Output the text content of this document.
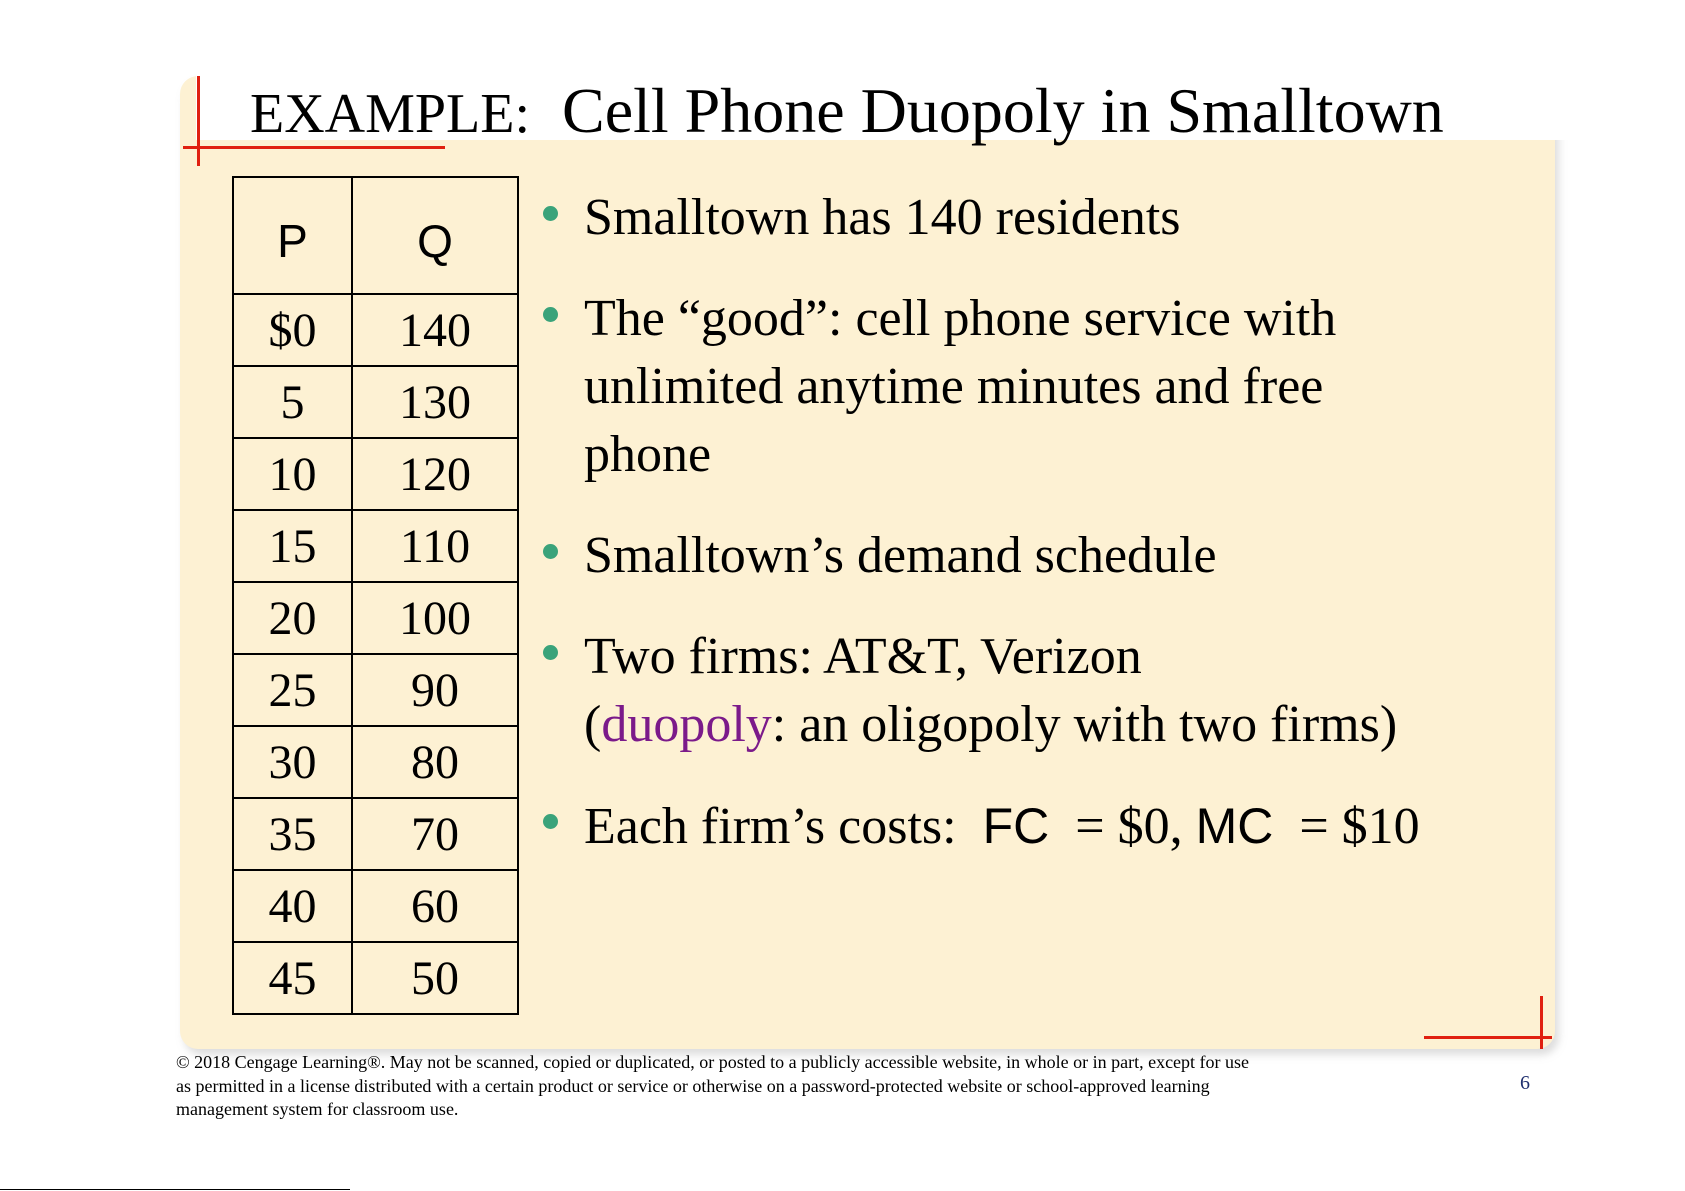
EXAMPLE: Cell Phone Duopoly in Smalltown
P	Q
$0	140
5	130
10	120
15	110
20	100
25	90
30	80
35	70
40	60
45	50
Smalltown has 140 residents
The “good”: cell phone service with
unlimited anytime minutes and free
phone
Smalltown’s demand schedule
Two firms: AT&T, Verizon
(duopoly: an oligopoly with two firms)
Each firm’s costs:  FC  = $0, MC  = $10

© 2018 Cengage Learning®. May not be scanned, copied or duplicated, or posted to a publicly accessible website, in whole or in part, except for use
as permitted in a license distributed with a certain product or service or otherwise on a password-protected website or school-approved learning
management system for classroom use.

6
